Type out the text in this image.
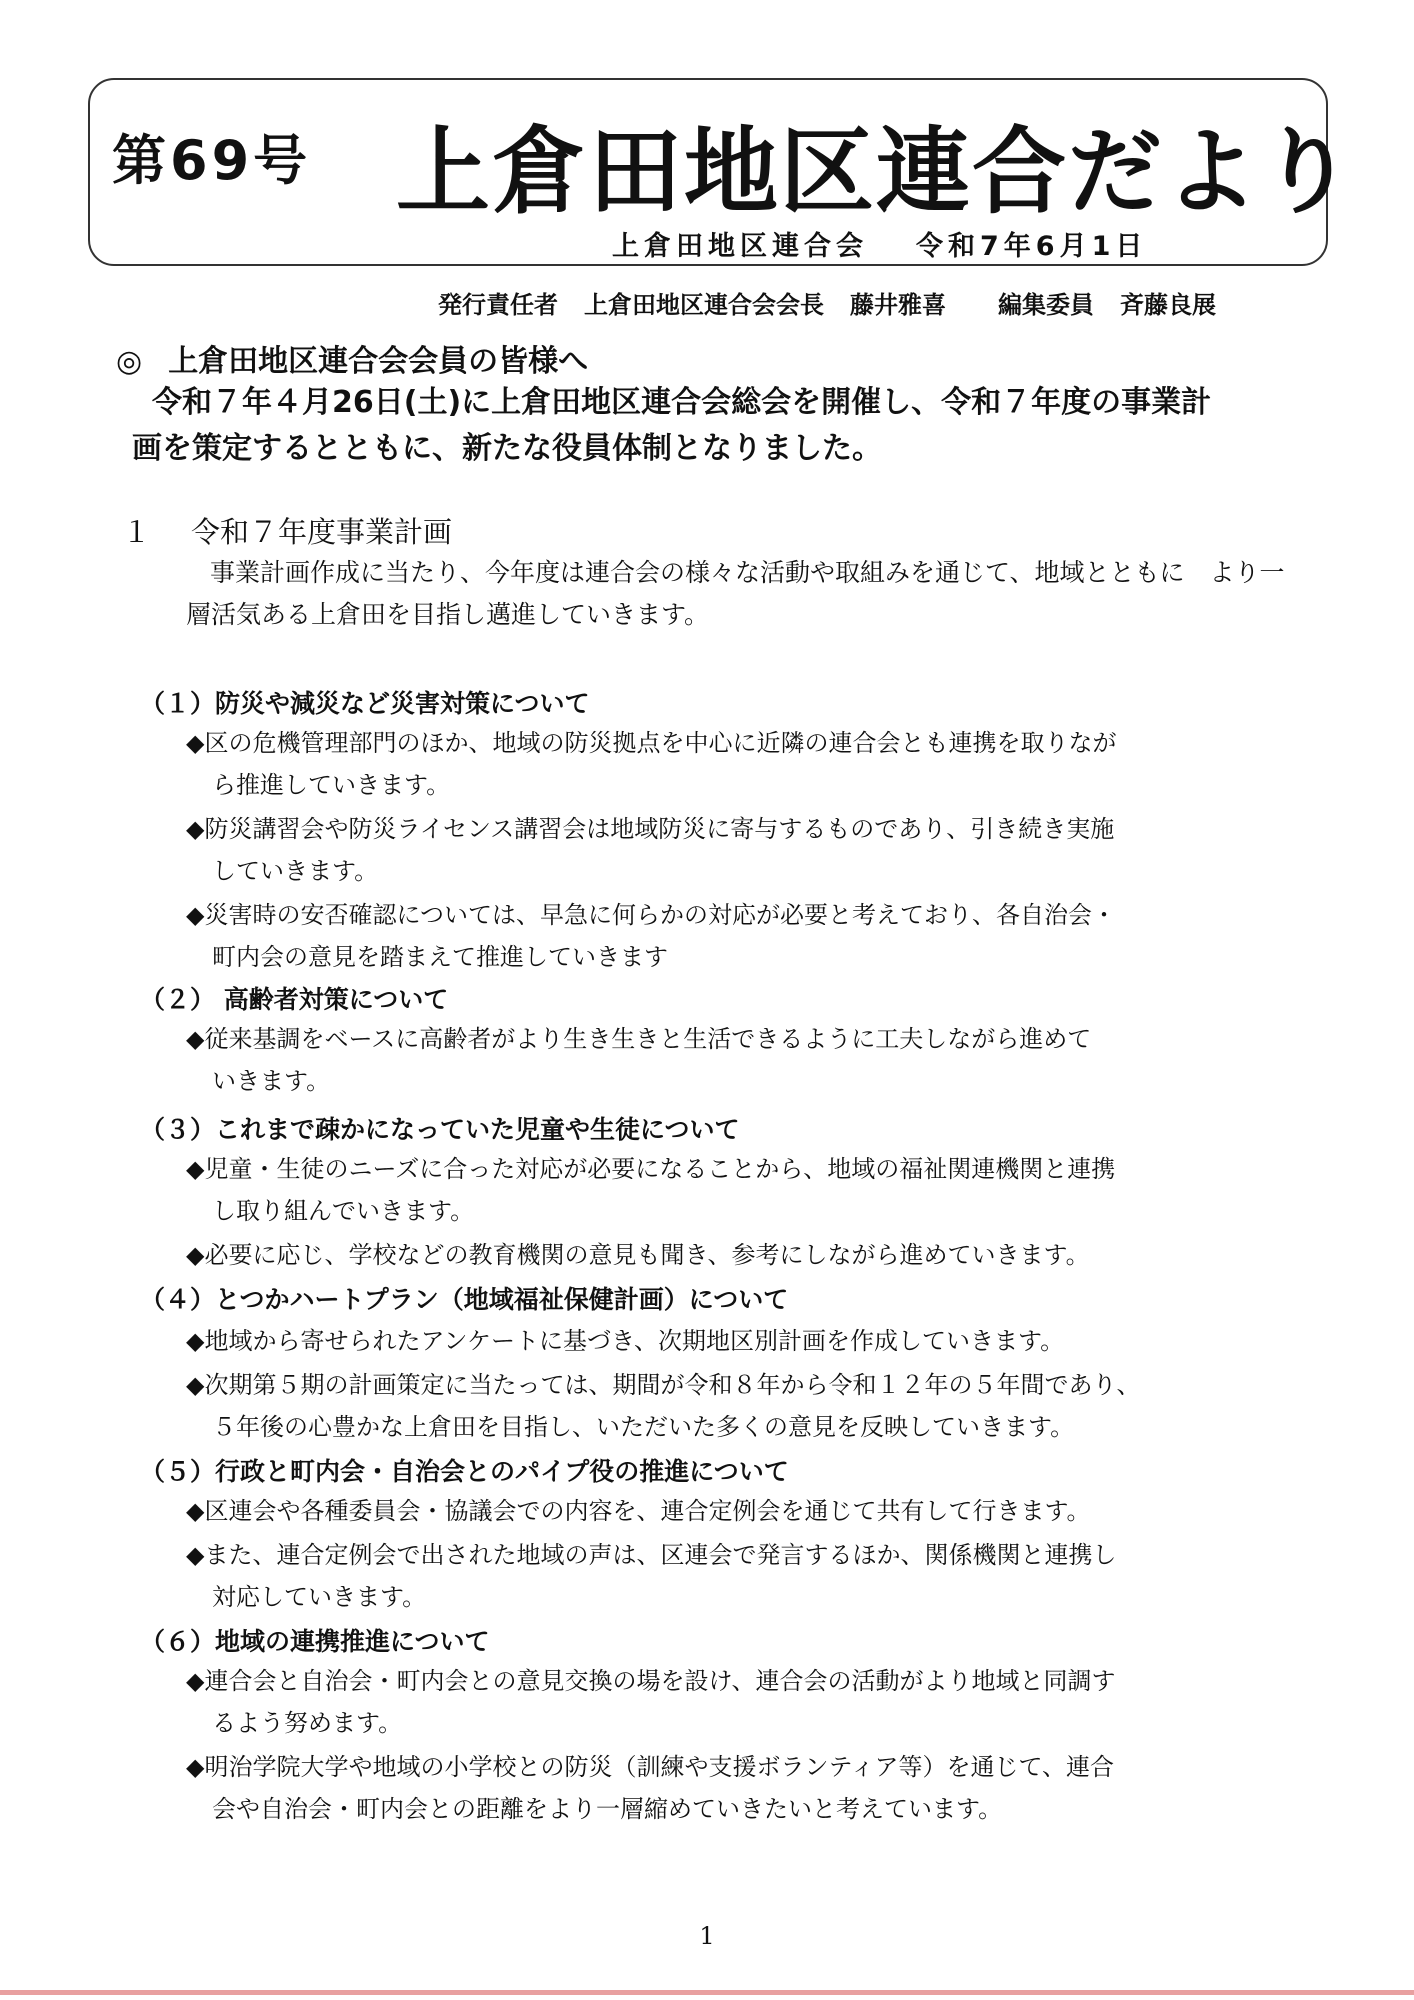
第69号 上倉田地区連合だより
上倉田地区連合会 令和7年6月1日
発行責任者 上倉田地区連合会会長 藤井雅喜 編集委員 斉藤良展
◎ 上倉田地区連合会会員の皆様へ

令和７年４月26日(土)に上倉田地区連合会総会を開催し、令和７年度の事業計

画を策定するとともに、新たな役員体制となりました。

１ 令和７年度事業計画

事業計画作成に当たり、今年度は連合会の様々な活動や取組みを通じて、地域とともに　より一

層活気ある上倉田を目指し邁進していきます。

（１）防災や減災など災害対策について

◆区の危機管理部門のほか、地域の防災拠点を中心に近隣の連合会とも連携を取りなが

ら推進していきます。

◆防災講習会や防災ライセンス講習会は地域防災に寄与するものであり、引き続き実施

していきます。

◆災害時の安否確認については、早急に何らかの対応が必要と考えており、各自治会・

町内会の意見を踏まえて推進していきます

（２） 高齢者対策について

◆従来基調をベースに高齢者がより生き生きと生活できるように工夫しながら進めて

いきます。

（３）これまで疎かになっていた児童や生徒について

◆児童・生徒のニーズに合った対応が必要になることから、地域の福祉関連機関と連携

し取り組んでいきます。

◆必要に応じ、学校などの教育機関の意見も聞き、参考にしながら進めていきます。

（４）とつかハートプラン（地域福祉保健計画）について

◆地域から寄せられたアンケートに基づき、次期地区別計画を作成していきます。

◆次期第５期の計画策定に当たっては、期間が令和８年から令和１２年の５年間であり、

５年後の心豊かな上倉田を目指し、いただいた多くの意見を反映していきます。

（５）行政と町内会・自治会とのパイプ役の推進について

◆区連会や各種委員会・協議会での内容を、連合定例会を通じて共有して行きます。

◆また、連合定例会で出された地域の声は、区連会で発言するほか、関係機関と連携し

対応していきます。

（６）地域の連携推進について

◆連合会と自治会・町内会との意見交換の場を設け、連合会の活動がより地域と同調す

るよう努めます。

◆明治学院大学や地域の小学校との防災（訓練や支援ボランティア等）を通じて、連合

会や自治会・町内会との距離をより一層縮めていきたいと考えています。

1
